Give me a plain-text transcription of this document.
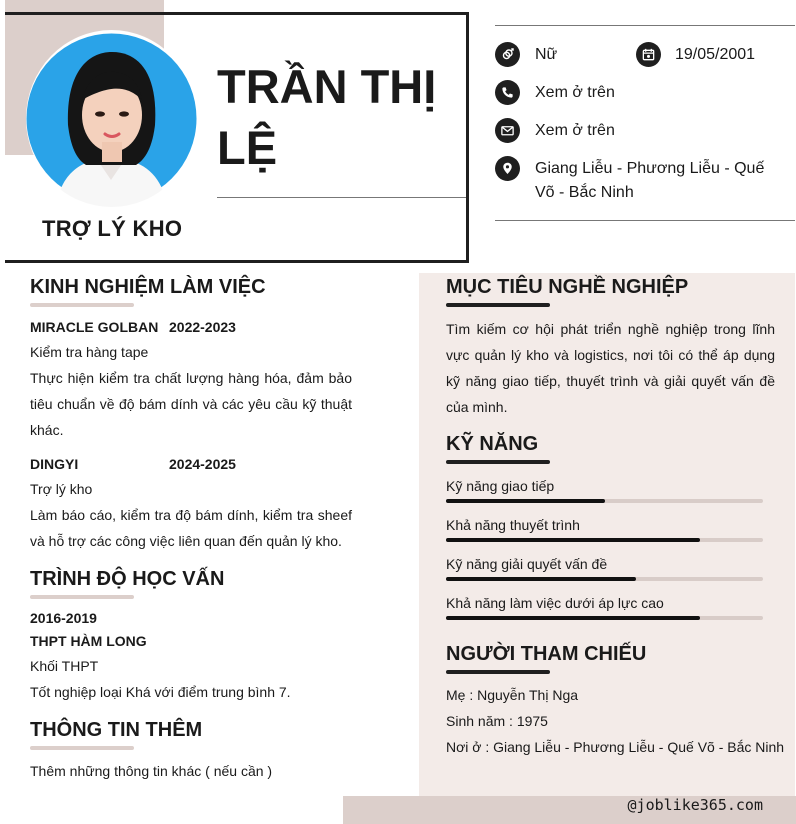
TRỢ LÝ KHO
TRẦN THỊ LỆ
Nữ	19/05/2001
Xem ở trên
Xem ở trên
Giang Liễu - Phương Liễu - Quế Võ - Bắc Ninh
KINH NGHIỆM LÀM VIỆC
MIRACLE GOLBAN 2022-2023
Kiểm tra hàng tape
Thực hiện kiểm tra chất lượng hàng hóa, đảm bảo tiêu chuẩn về độ bám dính và các yêu cầu kỹ thuật khác.
DINGYI	2024-2025
Trợ lý kho
Làm báo cáo, kiểm tra độ bám dính, kiểm tra sheef và hỗ trợ các công việc liên quan đến quản lý kho.
TRÌNH ĐỘ HỌC VẤN
2016-2019
THPT HÀM LONG
Khối THPT
Tốt nghiệp loại Khá với điểm trung bình 7.
THÔNG TIN THÊM
Thêm những thông tin khác ( nếu cần )
MỤC TIÊU NGHỀ NGHIỆP
Tìm kiếm cơ hội phát triển nghề nghiệp trong lĩnh vực quản lý kho và logistics, nơi tôi có thể áp dụng kỹ năng giao tiếp, thuyết trình và giải quyết vấn đề của mình.
KỸ NĂNG
Kỹ năng giao tiếp
Khả năng thuyết trình
Kỹ năng giải quyết vấn đề
Khả năng làm việc dưới áp lực cao
NGƯỜI THAM CHIẾU
Mẹ : Nguyễn Thị Nga
Sinh năm : 1975
Nơi ở : Giang Liễu - Phương Liễu - Quế Võ - Bắc Ninh
@joblike365.com
